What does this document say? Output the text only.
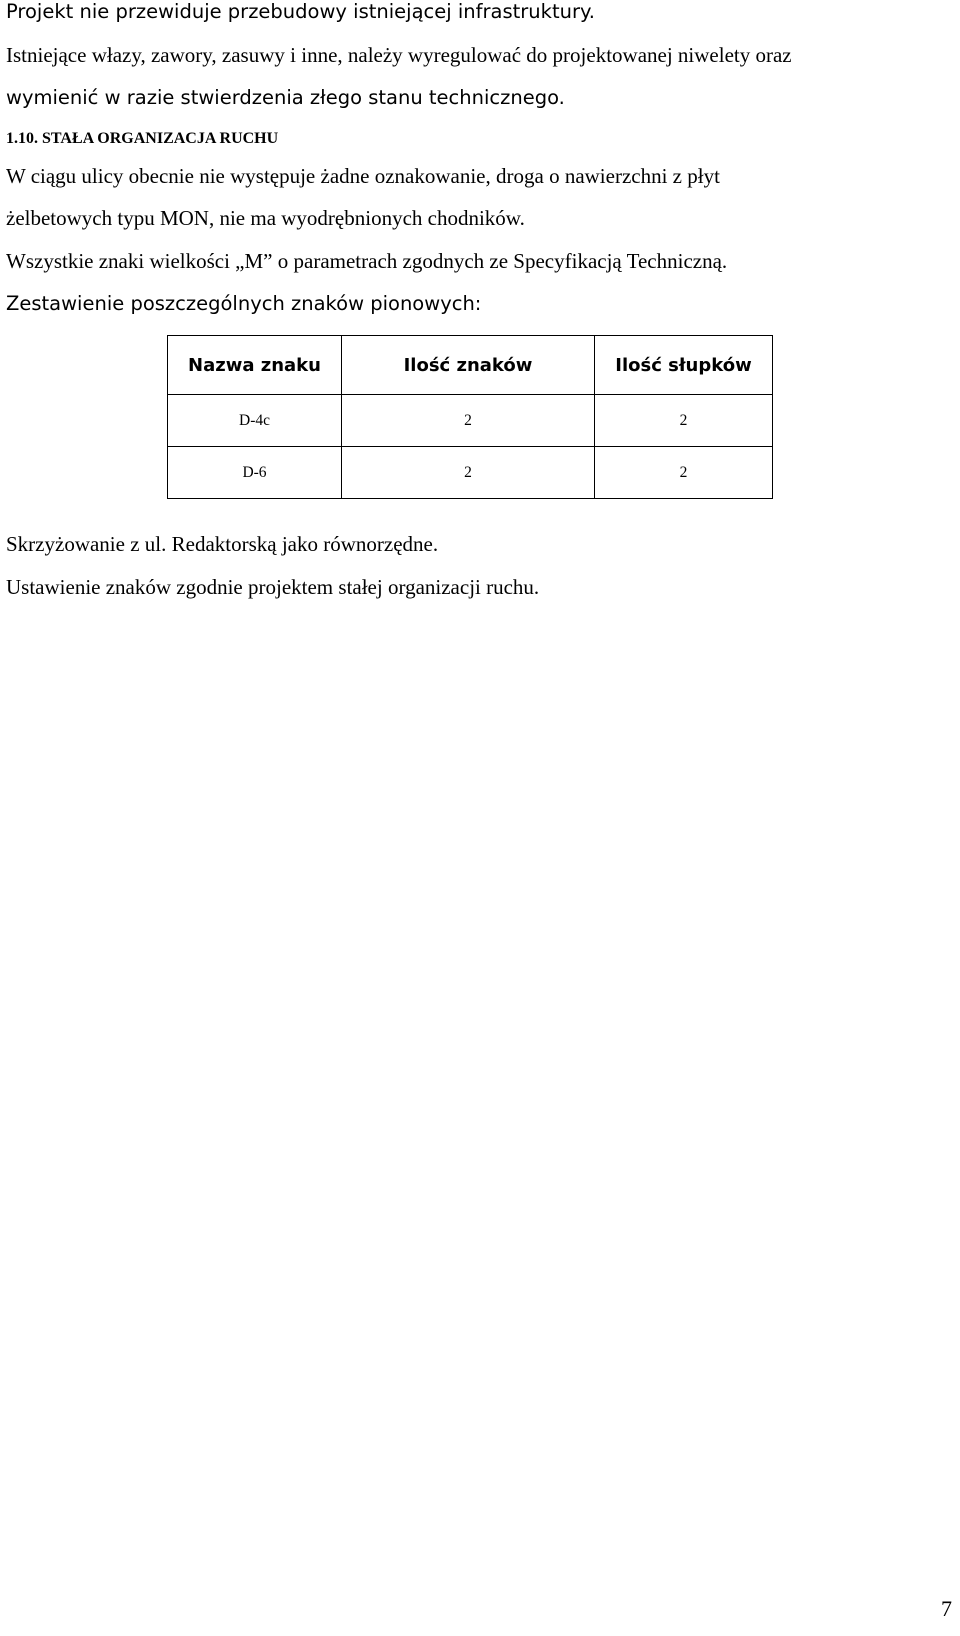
Projekt nie przewiduje przebudowy istniejącej infrastruktury.
Istniejące włazy, zawory, zasuwy i inne, należy wyregulować do projektowanej niwelety oraz
wymienić w razie stwierdzenia złego stanu technicznego.
1.10. STAŁA ORGANIZACJA RUCHU
W ciągu ulicy obecnie nie występuje żadne oznakowanie, droga o nawierzchni z płyt
żelbetowych typu MON, nie ma wyodrębnionych chodników.
Wszystkie znaki wielkości „M” o parametrach zgodnych ze Specyfikacją Techniczną.
Zestawienie poszczególnych znaków pionowych:
Nazwa znaku	Ilość znaków	Ilość słupków
D-4c	2	2
D-6	2	2
Skrzyżowanie z ul. Redaktorską jako równorzędne.
Ustawienie znaków zgodnie projektem stałej organizacji ruchu.
7
